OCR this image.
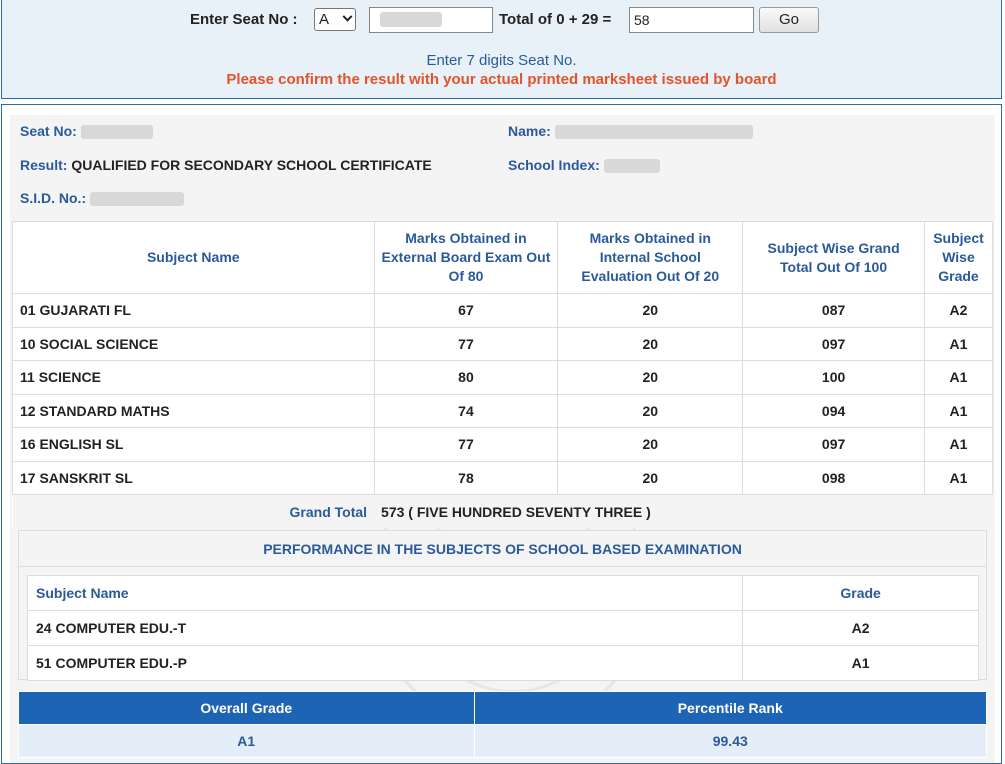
Enter Seat No :	A	Total of 0 + 29 =	58	Go
Enter 7 digits Seat No.
Please confirm the result with your actual printed marksheet issued by board
Seat No:	Name:
Result: QUALIFIED FOR SECONDARY SCHOOL CERTIFICATE	School Index:
S.I.D. No.:
Subject Name	Marks Obtained in External Board Exam Out Of 80	Marks Obtained in Internal School Evaluation Out Of 20	Subject Wise Grand Total Out Of 100	Subject Wise Grade
01 GUJARATI FL	67	20	087	A2
10 SOCIAL SCIENCE	77	20	097	A1
11 SCIENCE	80	20	100	A1
12 STANDARD MATHS	74	20	094	A1
16 ENGLISH SL	77	20	097	A1
17 SANSKRIT SL	78	20	098	A1
Grand Total	573 ( FIVE HUNDRED SEVENTY THREE )			
PERFORMANCE IN THE SUBJECTS OF SCHOOL BASED EXAMINATION
Subject Name	Grade
24 COMPUTER EDU.-T	A2
51 COMPUTER EDU.-P	A1
Overall Grade	Percentile Rank
A1	99.43
